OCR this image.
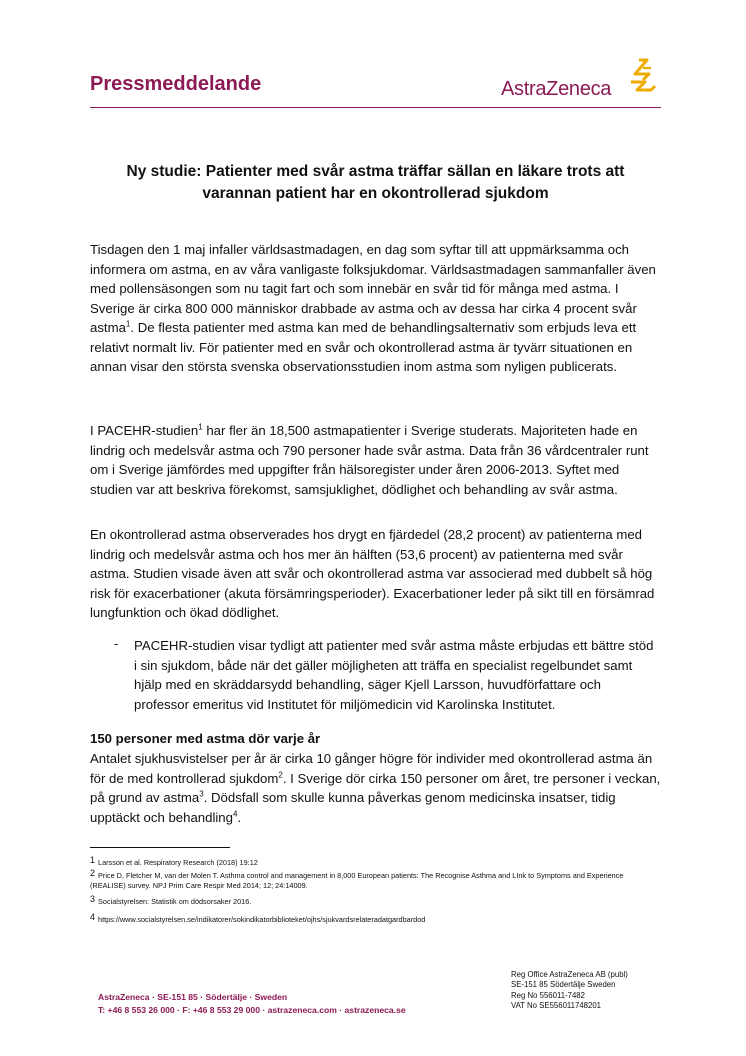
Pressmeddelande	AstraZeneca
Ny studie: Patienter med svår astma träffar sällan en läkare trots att
varannan patient har en okontrollerad sjukdom

Tisdagen den 1 maj infaller världsastmadagen, en dag som syftar till att uppmärksamma och informera om astma, en av våra vanligaste folksjukdomar. Världsastmadagen sammanfaller även med pollensäsongen som nu tagit fart och som innebär en svår tid för många med astma. I Sverige är cirka 800 000 människor drabbade av astma och av dessa har cirka 4 procent svår astma$^1$. De flesta patienter med astma kan med de behandlingsalternativ som erbjuds leva ett relativt normalt liv. För patienter med en svår och okontrollerad astma är tyvärr situationen en annan visar den största svenska observationsstudien inom astma som nyligen publicerats.

I PACEHR-studien$^1$ har fler än 18,500 astmapatienter i Sverige studerats. Majoriteten hade en lindrig och medelsvår astma och 790 personer hade svår astma. Data från 36 vårdcentraler runt om i Sverige jämfördes med uppgifter från hälsoregister under åren 2006-2013. Syftet med studien var att beskriva förekomst, samsjuklighet, dödlighet och behandling av svår astma.

En okontrollerad astma observerades hos drygt en fjärdedel (28,2 procent) av patienterna med lindrig och medelsvår astma och hos mer än hälften (53,6 procent) av patienterna med svår astma. Studien visade även att svår och okontrollerad astma var associerad med dubbelt så hög risk för exacerbationer (akuta försämringsperioder). Exacerbationer leder på sikt till en försämrad lungfunktion och ökad dödlighet.

- PACEHR-studien visar tydligt att patienter med svår astma måste erbjudas ett bättre stöd i sin sjukdom, både när det gäller möjligheten att träffa en specialist regelbundet samt hjälp med en skräddarsydd behandling, säger Kjell Larsson, huvudförfattare och professor emeritus vid Institutet för miljömedicin vid Karolinska Institutet.

150 personer med astma dör varje år

Antalet sjukhusvistelser per år är cirka 10 gånger högre för individer med okontrollerad astma än för de med kontrollerad sjukdom$^2$. I Sverige dör cirka 150 personer om året, tre personer i veckan, på grund av astma$^3$. Dödsfall som skulle kunna påverkas genom medicinska insatser, tidig upptäckt och behandling$^4$.

1 Larsson et al. Respiratory Research (2018) 19:12

2 Price D, Fletcher M, van der Molen T. Asthma control and management in 8,000 European patients: The Recognise Asthma and LInk to Symptoms and Experience (REALISE) survey. NPJ Prim Care Respir Med 2014; 12; 24:14009.

3 Socialstyrelsen: Statistik om dödsorsaker 2016.

4 https://www.socialstyrelsen.se/indikatorer/sokindikatorbiblioteket/ojhs/sjukvardsrelateradatgardbardod

AstraZeneca · SE-151 85 · Södertälje · Sweden
T: +46 8 553 26 000 · F: +46 8 553 29 000 · astrazeneca.com · astrazeneca.se
Reg Office AstraZeneca AB (publ)
SE-151 85 Södertälje Sweden
Reg No 556011-7482
VAT No SE556011748201
